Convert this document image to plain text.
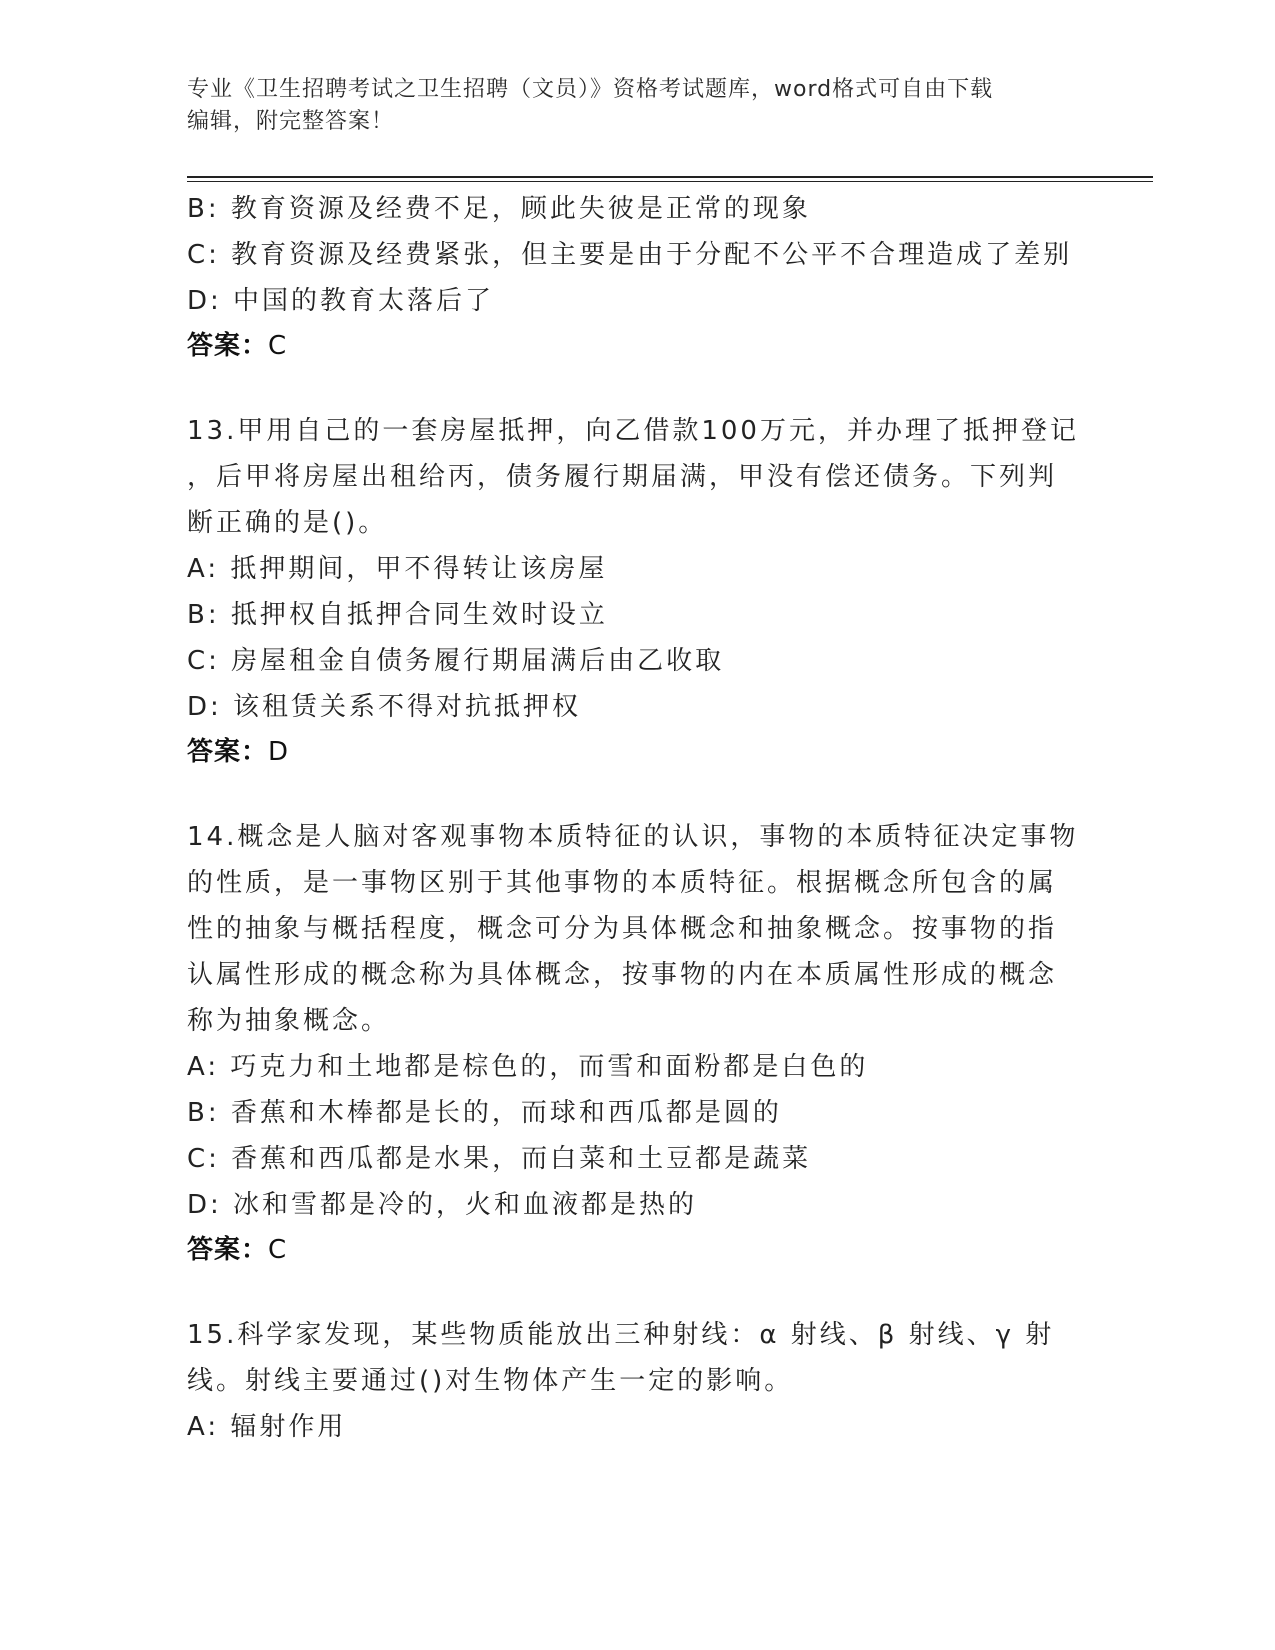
专业《卫生招聘考试之卫生招聘（文员）》资格考试题库，word格式可自由下载
编辑，附完整答案！
B: 教育资源及经费不足，顾此失彼是正常的现象
C: 教育资源及经费紧张，但主要是由于分配不公平不合理造成了差别
D: 中国的教育太落后了
答案：C
13.甲用自己的一套房屋抵押，向乙借款100万元，并办理了抵押登记
，后甲将房屋出租给丙，债务履行期届满，甲没有偿还债务。下列判
断正确的是()。
A: 抵押期间，甲不得转让该房屋
B: 抵押权自抵押合同生效时设立
C: 房屋租金自债务履行期届满后由乙收取
D: 该租赁关系不得对抗抵押权
答案：D
14.概念是人脑对客观事物本质特征的认识，事物的本质特征决定事物
的性质，是一事物区别于其他事物的本质特征。根据概念所包含的属
性的抽象与概括程度，概念可分为具体概念和抽象概念。按事物的指
认属性形成的概念称为具体概念，按事物的内在本质属性形成的概念
称为抽象概念。
A: 巧克力和土地都是棕色的，而雪和面粉都是白色的
B: 香蕉和木棒都是长的，而球和西瓜都是圆的
C: 香蕉和西瓜都是水果，而白菜和土豆都是蔬菜
D: 冰和雪都是冷的，火和血液都是热的
答案：C
15.科学家发现，某些物质能放出三种射线：α 射线、β 射线、γ 射
线。射线主要通过()对生物体产生一定的影响。
A: 辐射作用
